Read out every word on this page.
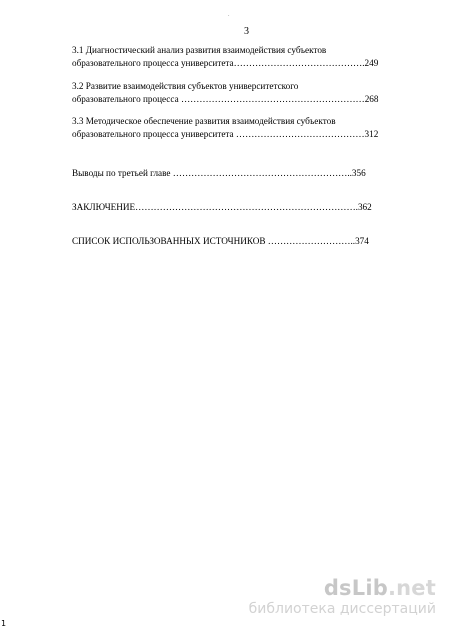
.
3
3.1 Диагностический анализ развития взаимодействия субъектов
образовательного процесса университета…………………………………….249
3.2 Развитие взаимодействия субъектов университетского
образовательного процесса ……………………………………………………268
3.3 Методическое обеспечение развития взаимодействия субъектов
образовательного процесса университета ……………………………………312
Выводы по третьей главе …………………………………………………..356
ЗАКЛЮЧЕНИЕ……………………………………………………………….362
СПИСОК ИСПОЛЬЗОВАННЫХ ИСТОЧНИКОВ ………………………..374
1
dsLib.net
библиотека диссертаций
